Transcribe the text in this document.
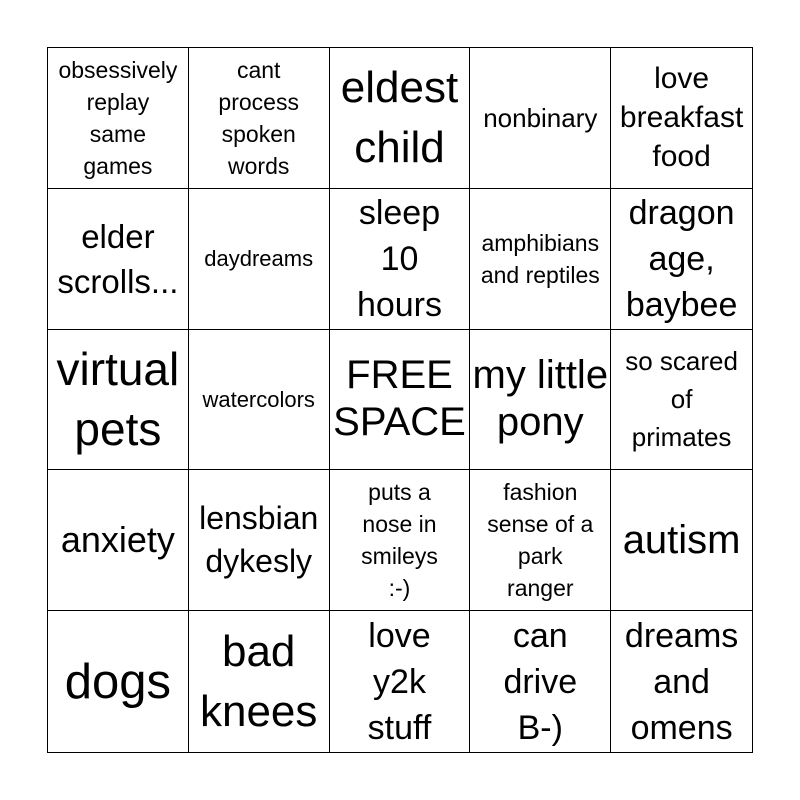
obsessively
replay
same
games
cant
process
spoken
words
eldest
child
nonbinary
love
breakfast
food
elder
scrolls...
daydreams
sleep
10
hours
amphibians
and reptiles
dragon
age,
baybee
virtual
pets
watercolors
FREE
SPACE
my little
pony
so scared
of
primates
anxiety
lensbian
dykesly
puts a
nose in
smileys
:-)
fashion
sense of a
park
ranger
autism
dogs
bad
knees
love
y2k
stuff
can
drive
B-)
dreams
and
omens
